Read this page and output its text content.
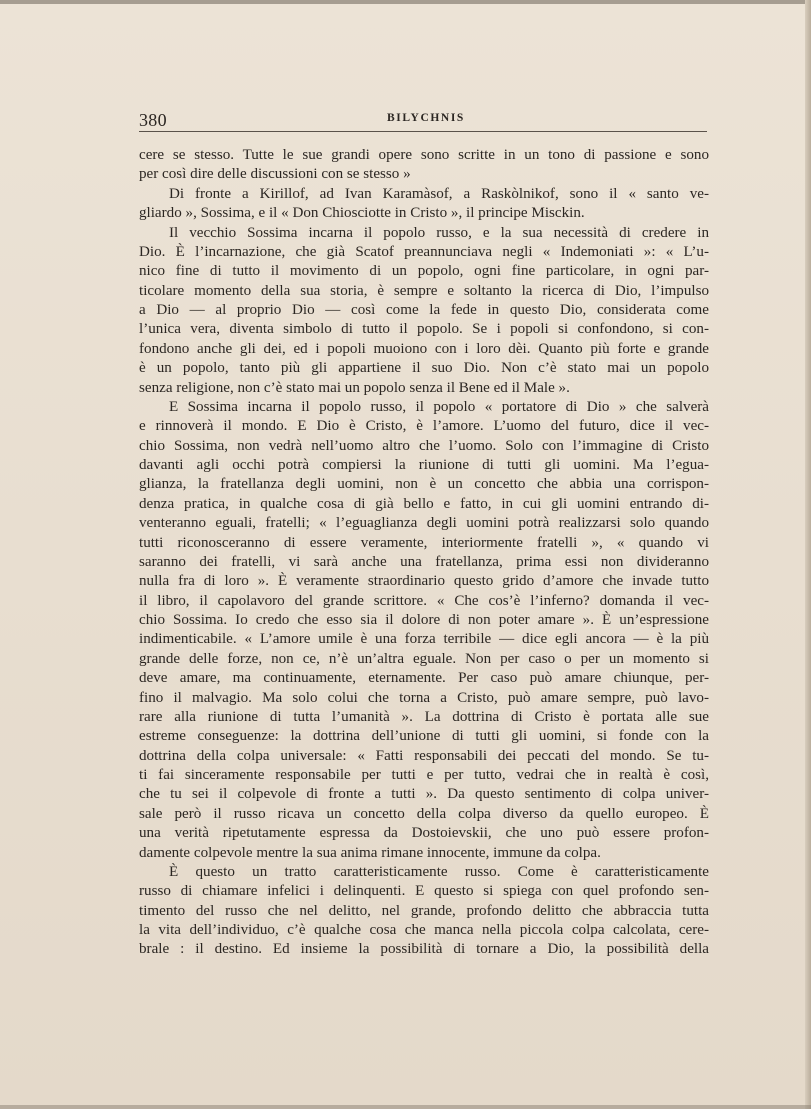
380	BILYCHNIS
cere se stesso. Tutte le sue grandi opere sono scritte in un tono di passione e sono
per così dire delle discussioni con se stesso »
Di fronte a Kirillof, ad Ivan Karamàsof, a Raskòlnikof, sono il « santo ve-
gliardo », Sossima, e il « Don Chiosciotte in Cristo », il principe Misckin.
Il vecchio Sossima incarna il popolo russo, e la sua necessità di credere in
Dio. È l’incarnazione, che già Scatof preannunciava negli « Indemoniati »: « L’u-
nico fine di tutto il movimento di un popolo, ogni fine particolare, in ogni par-
ticolare momento della sua storia, è sempre e soltanto la ricerca di Dio, l’impulso
a Dio — al proprio Dio — così come la fede in questo Dio, considerata come
l’unica vera, diventa simbolo di tutto il popolo. Se i popoli si confondono, si con-
fondono anche gli dei, ed i popoli muoiono con i loro dèi. Quanto più forte e grande
è un popolo, tanto più gli appartiene il suo Dio. Non c’è stato mai un popolo
senza religione, non c’è stato mai un popolo senza il Bene ed il Male ».
E Sossima incarna il popolo russo, il popolo « portatore di Dio » che salverà
e rinnoverà il mondo. E Dio è Cristo, è l’amore. L’uomo del futuro, dice il vec-
chio Sossima, non vedrà nell’uomo altro che l’uomo. Solo con l’immagine di Cristo
davanti agli occhi potrà compiersi la riunione di tutti gli uomini. Ma l’egua-
glianza, la fratellanza degli uomini, non è un concetto che abbia una corrispon-
denza pratica, in qualche cosa di già bello e fatto, in cui gli uomini entrando di-
venteranno eguali, fratelli; « l’eguaglianza degli uomini potrà realizzarsi solo quando
tutti riconosceranno di essere veramente, interiormente fratelli », « quando vi
saranno dei fratelli, vi sarà anche una fratellanza, prima essi non divideranno
nulla fra di loro ». È veramente straordinario questo grido d’amore che invade tutto
il libro, il capolavoro del grande scrittore. « Che cos’è l’inferno? domanda il vec-
chio Sossima. Io credo che esso sia il dolore di non poter amare ». È un’espressione
indimenticabile. « L’amore umile è una forza terribile — dice egli ancora — è la più
grande delle forze, non ce, n’è un’altra eguale. Non per caso o per un momento si
deve amare, ma continuamente, eternamente. Per caso può amare chiunque, per-
fino il malvagio. Ma solo colui che torna a Cristo, può amare sempre, può lavo-
rare alla riunione di tutta l’umanità ». La dottrina di Cristo è portata alle sue
estreme conseguenze: la dottrina dell’unione di tutti gli uomini, si fonde con la
dottrina della colpa universale: « Fatti responsabili dei peccati del mondo. Se tu-
ti fai sinceramente responsabile per tutti e per tutto, vedrai che in realtà è così,
che tu sei il colpevole di fronte a tutti ». Da questo sentimento di colpa univer-
sale però il russo ricava un concetto della colpa diverso da quello europeo. È
una verità ripetutamente espressa da Dostoievskii, che uno può essere profon-
damente colpevole mentre la sua anima rimane innocente, immune da colpa.
È questo un tratto caratteristicamente russo. Come è caratteristicamente
russo di chiamare infelici i delinquenti. E questo si spiega con quel profondo sen-
timento del russo che nel delitto, nel grande, profondo delitto che abbraccia tutta
la vita dell’individuo, c’è qualche cosa che manca nella piccola colpa calcolata, cere-
brale : il destino. Ed insieme la possibilità di tornare a Dio, la possibilità della
